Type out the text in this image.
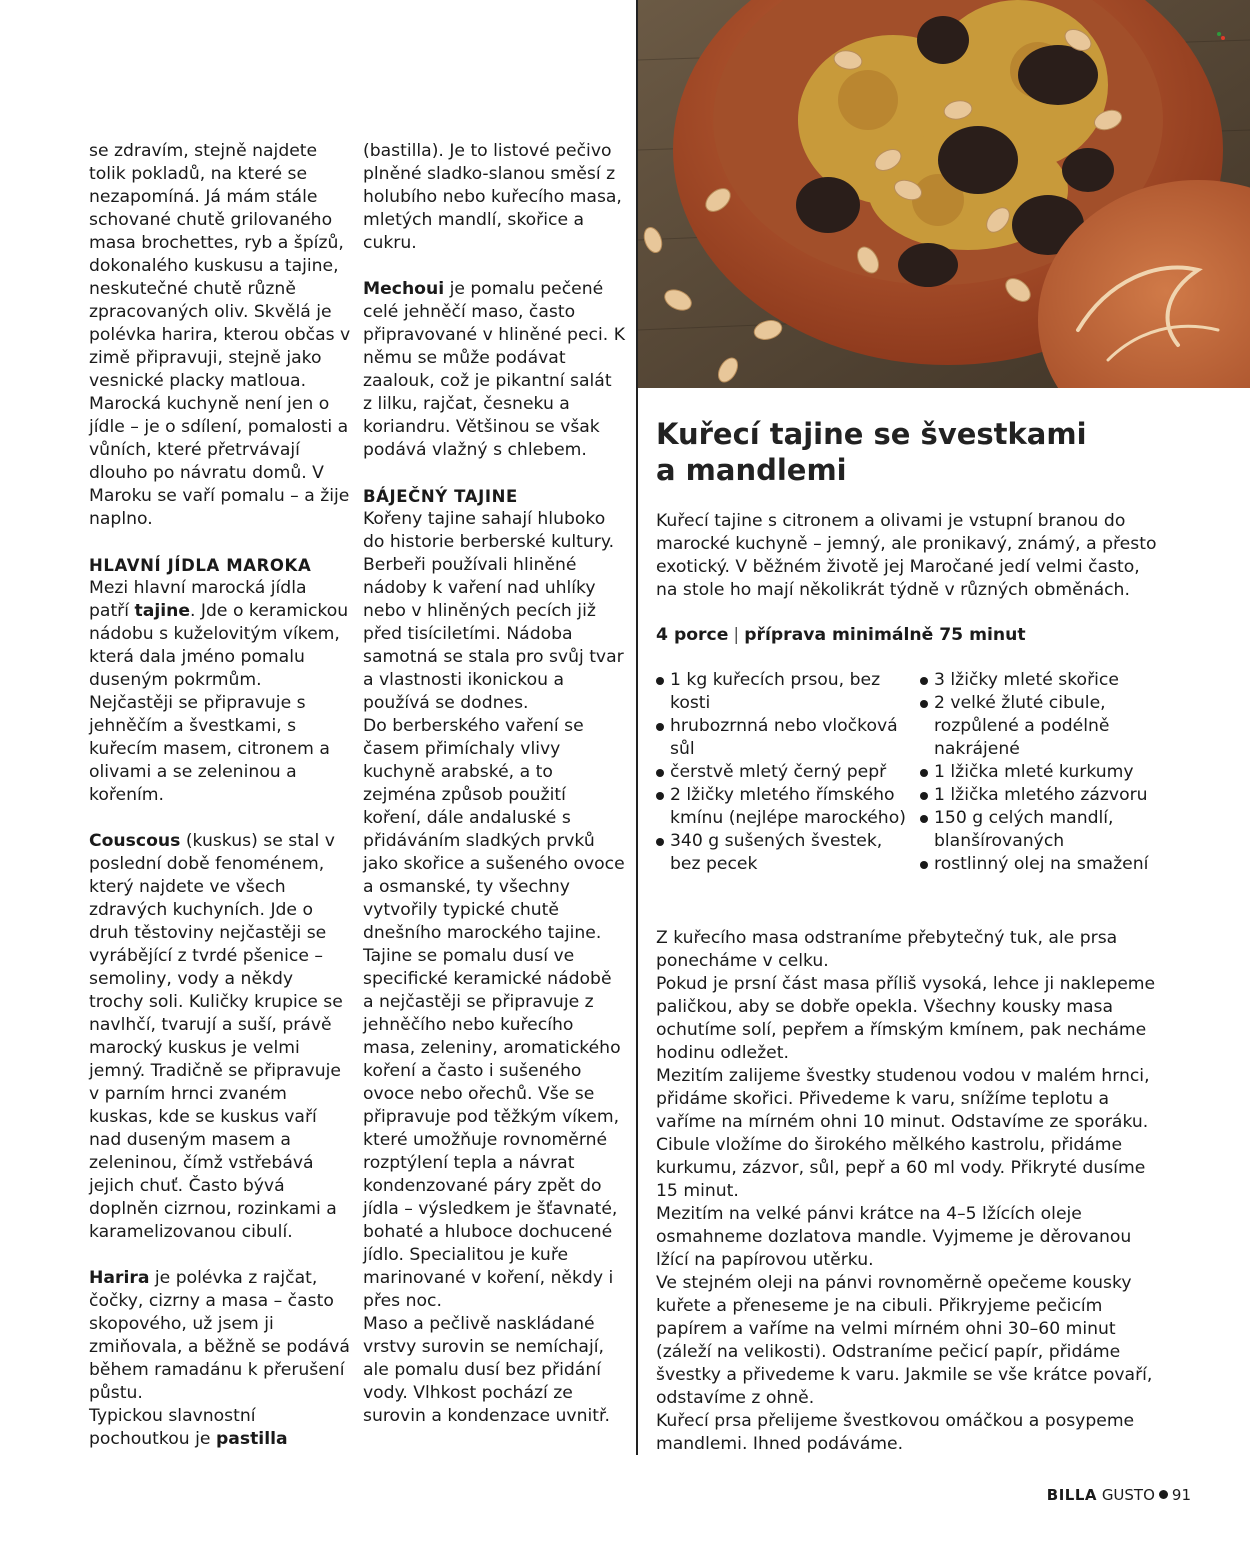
se zdravím, stejně najdete tolik pokladů, na které se nezapomíná. Já mám stále schované chutě grilovaného masa brochettes, ryb a špízů, dokonalého kuskusu a tajine, neskutečné chutě různě zpracovaných oliv. Skvělá je polévka harira, kterou občas v zimě připravuji, stejně jako vesnické placky matloua. Marocká kuchyně není jen o jídle – je o sdílení, pomalosti a vůních, které přetrvávají dlouho po návratu domů. V Maroku se vaří pomalu – a žije naplno.

HLAVNÍ JÍDLA MAROKA

Mezi hlavní marocká jídla patří tajine. Jde o keramickou nádobu s kuželovitým víkem, která dala jméno pomalu duseným pokrmům. Nejčastěji se připravuje s jehněčím a švestkami, s kuřecím masem, citronem a olivami a se zeleninou a kořením.

Couscous (kuskus) se stal v poslední době fenoménem, který najdete ve všech zdravých kuchyních. Jde o druh těstoviny nejčastěji se vyrábějící z tvrdé pšenice – semoliny, vody a někdy trochy soli. Kuličky krupice se navlhčí, tvarují a suší, právě marocký kuskus je velmi jemný. Tradičně se připravuje v parním hrnci zvaném kuskas, kde se kuskus vaří nad duseným masem a zeleninou, čímž vstřebává jejich chuť. Často bývá doplněn cizrnou, rozinkami a karamelizovanou cibulí.

Harira je polévka z rajčat, čočky, cizrny a masa – často skopového, už jsem ji zmiňovala, a běžně se podává během ramadánu k přerušení půstu.

Typickou slavnostní pochoutkou je pastilla

(bastilla). Je to listové pečivo plněné sladko-slanou směsí z holubího nebo kuřecího masa, mletých mandlí, skořice a cukru.

Mechoui je pomalu pečené celé jehněčí maso, často připravované v hliněné peci. K němu se může podávat zaalouk, což je pikantní salát z lilku, rajčat, česneku a koriandru. Většinou se však podává vlažný s chlebem.

BÁJEČNÝ TAJINE

Kořeny tajine sahají hluboko do historie berberské kultury. Berbeři používali hliněné nádoby k vaření nad uhlíky nebo v hliněných pecích již před tisíciletími. Nádoba samotná se stala pro svůj tvar a vlastnosti ikonickou a používá se dodnes.

Do berberského vaření se časem přimíchaly vlivy kuchyně arabské, a to zejména způsob použití koření, dále andaluské s přidáváním sladkých prvků jako skořice a sušeného ovoce a osmanské, ty všechny vytvořily typické chutě dnešního marockého tajine.

Tajine se pomalu dusí ve specifické keramické nádobě a nejčastěji se připravuje z jehněčího nebo kuřecího masa, zeleniny, aromatického koření a často i sušeného ovoce nebo ořechů. Vše se připravuje pod těžkým víkem, které umožňuje rovnoměrné rozptýlení tepla a návrat kondenzované páry zpět do jídla – výsledkem je šťavnaté, bohaté a hluboce dochucené jídlo. Specialitou je kuře marinované v koření, někdy i přes noc.

Maso a pečlivě naskládané vrstvy surovin se nemíchají, ale pomalu dusí bez přidání vody. Vlhkost pochází ze surovin a kondenzace uvnitř.

Kuřecí tajine se švestkami
a mandlemi

Kuřecí tajine s citronem a olivami je vstupní branou do marocké kuchyně – jemný, ale pronikavý, známý, a přesto exotický. V běžném životě jej Maročané jedí velmi často, na stole ho mají několikrát týdně v různých obměnách.

4 porce | příprava minimálně 75 minut
1 kg kuřecích prsou, bez kosti
hrubozrnná nebo vločková sůl
čerstvě mletý černý pepř
2 lžičky mletého římského kmínu (nejlépe marockého)
340 g sušených švestek, bez pecek
3 lžičky mleté skořice
2 velké žluté cibule, rozpůlené a podélně nakrájené
1 lžička mleté kurkumy
1 lžička mletého zázvoru
150 g celých mandlí, blanšírovaných
rostlinný olej na smažení

Z kuřecího masa odstraníme přebytečný tuk, ale prsa ponecháme v celku.

Pokud je prsní část masa příliš vysoká, lehce ji naklepeme paličkou, aby se dobře opekla. Všechny kousky masa ochutíme solí, pepřem a římským kmínem, pak necháme hodinu odležet.

Mezitím zalijeme švestky studenou vodou v malém hrnci, přidáme skořici. Přivedeme k varu, snížíme teplotu a vaříme na mírném ohni 10 minut. Odstavíme ze sporáku.

Cibule vložíme do širokého mělkého kastrolu, přidáme kurkumu, zázvor, sůl, pepř a 60 ml vody. Přikryté dusíme 15 minut.

Mezitím na velké pánvi krátce na 4–5 lžících oleje osmahneme dozlatova mandle. Vyjmeme je děrovanou lžící na papírovou utěrku.

Ve stejném oleji na pánvi rovnoměrně opečeme kousky kuřete a přeneseme je na cibuli. Přikryjeme pečicím papírem a vaříme na velmi mírném ohni 30–60 minut (záleží na velikosti). Odstraníme pečicí papír, přidáme švestky a přivedeme k varu. Jakmile se vše krátce povaří, odstavíme z ohně.

Kuřecí prsa přelijeme švestkovou omáčkou a posypeme mandlemi. Ihned podáváme.

BILLA GUSTO 91
